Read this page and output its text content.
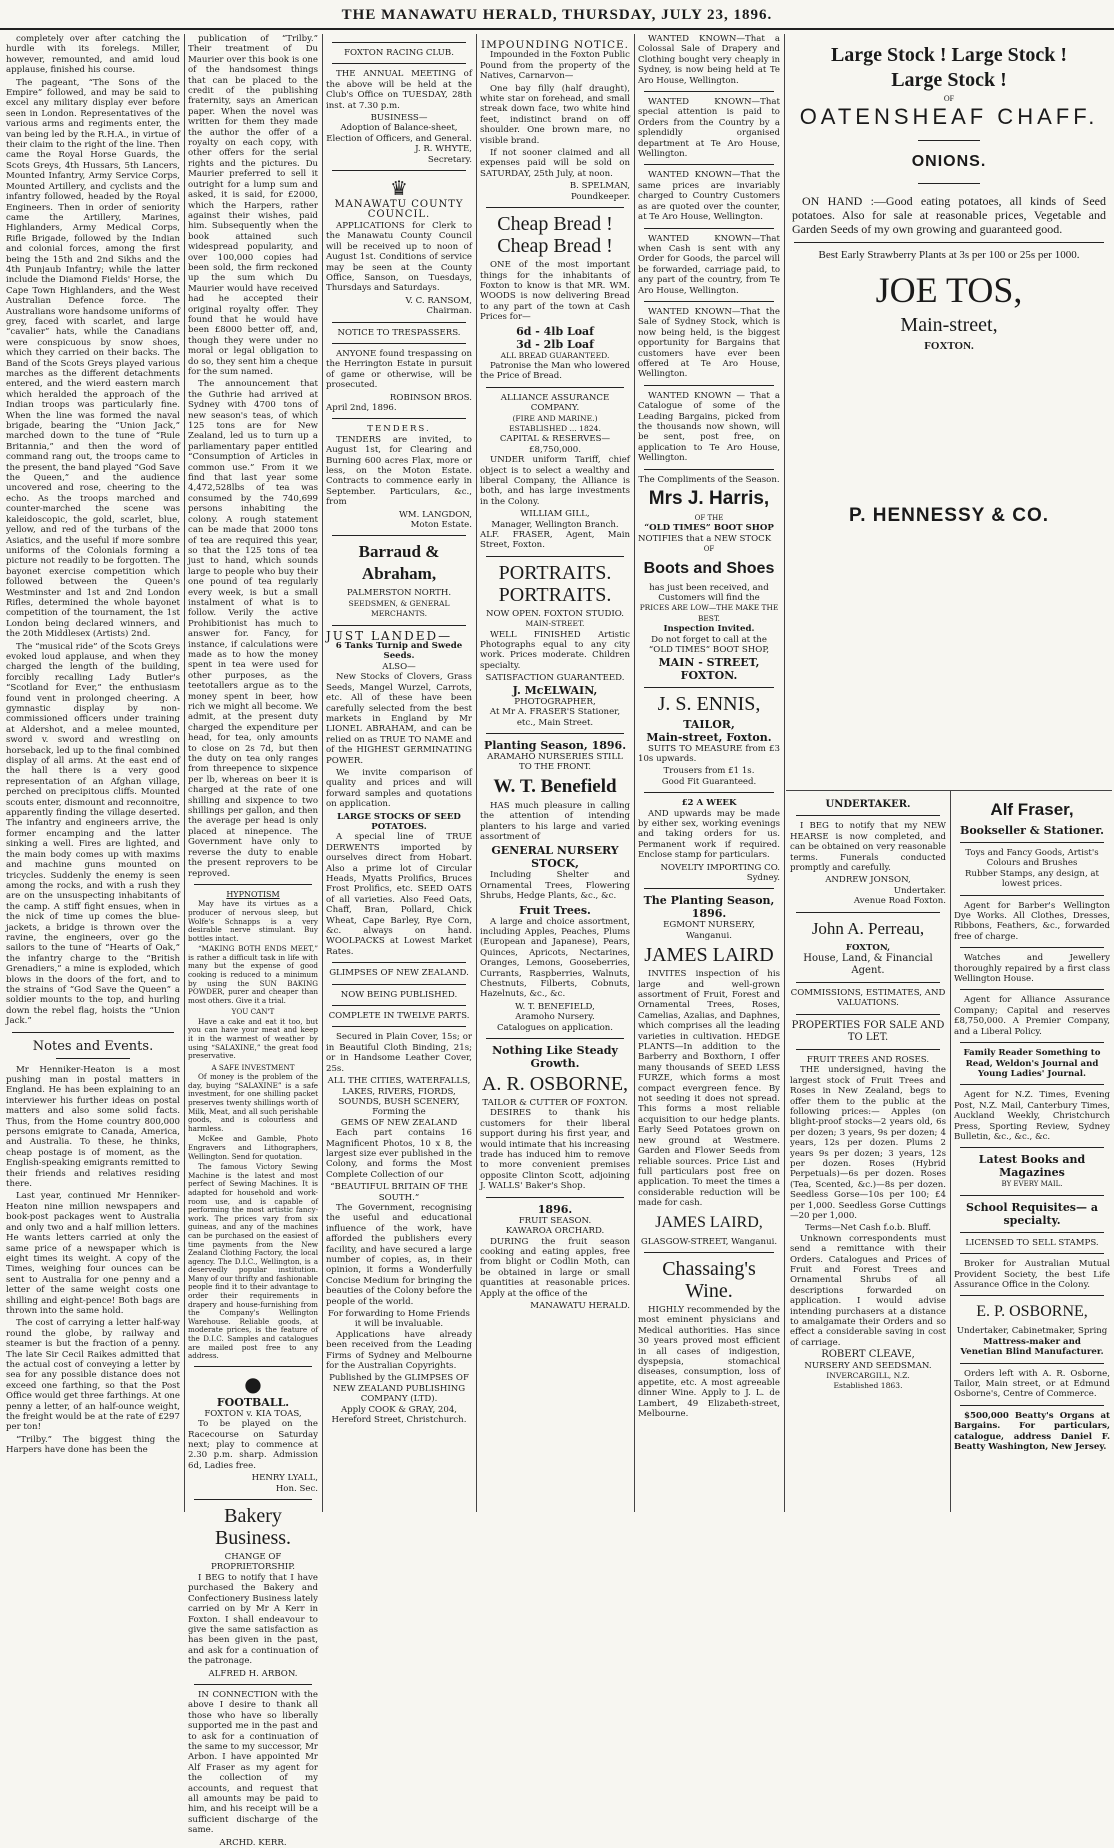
THE MANAWATU HERALD, THURSDAY, JULY 23, 1896.

completely over after catching the hurdle with its forelegs. Miller, however, remounted, and amid loud applause, finished his course.

The pageant, “The Sons of the Empire” followed, and may be said to excel any military display ever before seen in London. Representatives of the various arms and regiments enter, the van being led by the R.H.A., in virtue of their claim to the right of the line. Then came the Royal Horse Guards, the Scots Greys, 4th Hussars, 5th Lancers, Mounted Infantry, Army Service Corps, Mounted Artillery, and cyclists and the infantry followed, headed by the Royal Engineers. Then in order of seniority came the Artillery, Marines, Highlanders, Army Medical Corps, Rifle Brigade, followed by the Indian and colonial forces, among the first being the 15th and 2nd Sikhs and the 4th Punjaub Infantry; while the latter include the Diamond Fields' Horse, the Cape Town Highlanders, and the West Australian Defence force. The Australians wore handsome uniforms of grey, faced with scarlet, and large “cavalier” hats, while the Canadians were conspicuous by snow shoes, which they carried on their backs. The Band of the Scots Greys played various marches as the different detachments entered, and the wierd eastern march which heralded the approach of the Indian troops was particularly fine. When the line was formed the naval brigade, bearing the “Union Jack,” marched down to the tune of “Rule Britannia,” and then the word of command rang out, the troops came to the present, the band played “God Save the Queen,” and the audience uncovered and rose, cheering to the echo. As the troops marched and counter-marched the scene was kaleidoscopic, the gold, scarlet, blue, yellow, and red of the turbans of the Asiatics, and the useful if more sombre uniforms of the Colonials forming a picture not readily to be forgotten. The bayonet exercise competition which followed between the Queen's Westminster and 1st and 2nd London Rifles, determined the whole bayonet competition of the tournament, the 1st London being declared winners, and the 20th Middlesex (Artists) 2nd.

The “musical ride” of the Scots Greys evoked loud applause, and when they charged the length of the building, forcibly recalling Lady Butler's “Scotland for Ever,” the enthusiasm found vent in prolonged cheering. A gymnastic display by non-commissioned officers under training at Aldershot, and a melee mounted, sword v. sword and wrestling on horseback, led up to the final combined display of all arms. At the east end of the hall there is a very good representation of an Afghan village, perched on precipitous cliffs. Mounted scouts enter, dismount and reconnoitre, apparently finding the village deserted. The infantry and engineers arrive, the former encamping and the latter sinking a well. Fires are lighted, and the main body comes up with maxims and machine guns mounted on tricycles. Suddenly the enemy is seen among the rocks, and with a rush they are on the unsuspecting inhabitants of the camp. A stiff fight ensues, when in the nick of time up comes the blue-jackets, a bridge is thrown over the ravine, the engineers, over go the sailors to the tune of “Hearts of Oak,” the infantry charge to the “British Grenadiers,” a mine is exploded, which blows in the doors of the fort, and to the strains of “God Save the Queen” a soldier mounts to the top, and hurling down the rebel flag, hoists the “Union Jack.”

Notes and Events.

Mr Henniker-Heaton is a most pushing man in postal matters in England. He has been explaining to an interviewer his further ideas on postal matters and also some solid facts. Thus, from the Home country 800,000 persons emigrate to Canada, America, and Australia. To these, he thinks, cheap postage is of moment, as the English-speaking emigrants remitted to their friends and relatives residing there.

Last year, continued Mr Henniker-Heaton nine million newspapers and book-post packages went to Australia and only two and a half million letters. He wants letters carried at only the same price of a newspaper which is eight times its weight. A copy of the Times, weighing four ounces can be sent to Australia for one penny and a letter of the same weight costs one shilling and eight-pence! Both bags are thrown into the same hold.

The cost of carrying a letter half-way round the globe, by railway and steamer is but the fraction of a penny. The late Sir Cecil Raikes admitted that the actual cost of conveying a letter by sea for any possible distance does not exceed one farthing, so that the Post Office would get three farthings. At one penny a letter, of an half-ounce weight, the freight would be at the rate of £297 per ton!

“Trilby.” The biggest thing the Harpers have done has been the

publication of “Trilby.” Their treatment of Du Maurier over this book is one of the handsomest things that can be placed to the credit of the publishing fraternity, says an American paper. When the novel was written for them they made the author the offer of a royalty on each copy, with other offers for the serial rights and the pictures. Du Maurier preferred to sell it outright for a lump sum and asked, it is said, for £2000, which the Harpers, rather against their wishes, paid him. Subsequently when the book attained such widespread popularity, and over 100,000 copies had been sold, the firm reckoned up the sum which Du Maurier would have received had he accepted their original royalty offer. They found that he would have been £8000 better off, and, though they were under no moral or legal obligation to do so, they sent him a cheque for the sum named.

The announcement that the Guthrie had arrived at Sydney with 4700 tons of new season's teas, of which 125 tons are for New Zealand, led us to turn up a parliamentary paper entitled “Consumption of Articles in common use.” From it we find that last year some 4,472,528lbs of tea was consumed by the 740,699 persons inhabiting the colony. A rough statement can be made that 2000 tons of tea are required this year, so that the 125 tons of tea just to hand, which sounds large to people who buy their one pound of tea regularly every week, is but a small instalment of what is to follow. Verily the active Prohibitionist has much to answer for. Fancy, for instance, if calculations were made as to how the money spent in tea were used for other purposes, as the teetotallers argue as to the money spent in beer, how rich we might all become. We admit, at the present duty charged the expenditure per head, for tea, only amounts to close on 2s 7d, but then the duty on tea only ranges from threepence to sixpence per lb, whereas on beer it is charged at the rate of one shilling and sixpence to two shillings per gallon, and then the average per head is only placed at ninepence. The Government have only to reverse the duty to enable the present reprovers to be reproved.

HYPNOTISM

May have its virtues as a producer of nervous sleep, but Wolfe's Schnapps is a very desirable nerve stimulant. Buy bottles intact.

“MAKING BOTH ENDS MEET,” is rather a difficult task in life with many but the expense of good cooking is reduced to a minimum by using the SUN BAKING POWDER, purer and cheaper than most others. Give it a trial.

YOU CAN'T

Have a cake and eat it too, but you can have your meat and keep it in the warmest of weather by using “SALAXINE,” the great food preservative.

A SAFE INVESTMENT

Of money is the problem of the day, buying “SALAXINE” is a safe investment, for one shilling packet preserves twenty shillings worth of Milk, Meat, and all such perishable goods, and is colourless and harmless.

McKee and Gamble, Photo Engravers and Lithographers, Wellington. Send for quotation.

The famous Victory Sewing Machine is the latest and most perfect of Sewing Machines. It is adapted for household and work-room use, and is capable of performing the most artistic fancy-work. The prices vary from six guineas, and any of the machines can be purchased on the easiest of time payments from the New Zealand Clothing Factory, the local agency. The D.I.C., Wellington, is a deservedly popular institution. Many of our thrifty and fashionable people find it to their advantage to order their requirements in drapery and house-furnishing from the Company's Wellington Warehouse. Reliable goods, at moderate prices, is the feature of the D.I.C. Samples and catalogues are mailed post free to any address.

●
FOOTBALL.
FOXTON v. KIA TOAS,

To be played on the Racecourse on Saturday next; play to commence at 2.30 p.m. sharp. Admission 6d, Ladies free.

HENRY LYALL,
Hon. Sec.
Bakery Business.
CHANGE OF PROPRIETORSHIP.

I BEG to notify that I have purchased the Bakery and Confectionery Business lately carried on by Mr A Kerr in Foxton. I shall endeavour to give the same satisfaction as has been given in the past, and ask for a continuation of the patronage.

ALFRED H. ARBON.

IN CONNECTION with the above I desire to thank all those who have so liberally supported me in the past and to ask for a continuation of the same to my successor, Mr Arbon. I have appointed Mr Alf Fraser as my agent for the collection of my accounts, and request that all amounts may be paid to him, and his receipt will be a sufficient discharge of the same.

ARCHD. KERR.
FOXTON RACING CLUB.

THE ANNUAL MEETING of the above will be held at the Club's Office on TUESDAY, 28th inst. at 7.30 p.m.

BUSINESS—
Adoption of Balance-sheet, Election of Officers, and General.
J. R. WHYTE,
Secretary.
♛
MANAWATU COUNTY COUNCIL.

APPLICATIONS for Clerk to the Manawatu County Council will be received up to noon of August 1st. Conditions of service may be seen at the County Office, Sanson, on Tuesdays, Thursdays and Saturdays.

V. C. RANSOM,
Chairman.
NOTICE TO TRESPASSERS.

ANYONE found trespassing on the Herrington Estate in pursuit of game or otherwise, will be prosecuted.

ROBINSON BROS.
April 2nd, 1896.
TENDERS.

TENDERS are invited, to August 1st, for Clearing and Burning 600 acres Flax, more or less, on the Moton Estate. Contracts to commence early in September. Particulars, &c., from

WM. LANGDON,
Moton Estate.
Barraud & Abraham,
PALMERSTON NORTH.
SEEDSMEN, & GENERAL MERCHANTS.
JUST LANDED—
6 Tanks Turnip and Swede Seeds.
ALSO—

New Stocks of Clovers, Grass Seeds, Mangel Wurzel, Carrots, etc. All of these have been carefully selected from the best markets in England by Mr LIONEL ABRAHAM, and can be relied on as TRUE TO NAME and of the HIGHEST GERMINATING POWER.

We invite comparison of quality and prices and will forward samples and quotations on application.

LARGE STOCKS OF SEED POTATOES.

A special line of TRUE DERWENTS imported by ourselves direct from Hobart. Also a prime lot of Circular Heads, Myatts Prolifics, Bruces Frost Prolifics, etc. SEED OATS of all varieties. Also Feed Oats, Chaff, Bran, Pollard, Chick Wheat, Cape Barley, Rye Corn, &c. always on hand. WOOLPACKS at Lowest Market Rates.

GLIMPSES OF NEW ZEALAND.
NOW BEING PUBLISHED.
COMPLETE IN TWELVE PARTS.

Secured in Plain Cover, 15s; or in Beautiful Cloth Binding, 21s; or in Handsome Leather Cover, 25s.

ALL THE CITIES, WATERFALLS, LAKES, RIVERS, FIORDS, SOUNDS, BUSH SCENERY,
Forming the
GEMS OF NEW ZEALAND

Each part contains 16 Magnificent Photos, 10 x 8, the largest size ever published in the Colony, and forms the Most Complete Collection of our

“BEAUTIFUL BRITAIN OF THE SOUTH.”

The Government, recognising the useful and educational influence of the work, have afforded the publishers every facility, and have secured a large number of copies, as, in their opinion, it forms a Wonderfully Concise Medium for bringing the beauties of the Colony before the people of the world.

For forwarding to Home Friends it will be invaluable.

Applications have already been received from the Leading Firms of Sydney and Melbourne for the Australian Copyrights.

Published by the GLIMPSES OF NEW ZEALAND PUBLISHING COMPANY (LTD).
Apply COOK & GRAY, 204, Hereford Street, Christchurch.
IMPOUNDING NOTICE.

Impounded in the Foxton Public Pound from the property of the Natives, Carnarvon—

One bay filly (half draught), white star on forehead, and small streak down face, two white hind feet, indistinct brand on off shoulder. One brown mare, no visible brand.

If not sooner claimed and all expenses paid will be sold on SATURDAY, 25th July, at noon.

B. SPELMAN,
Poundkeeper.
Cheap Bread ! Cheap Bread !

ONE of the most important things for the inhabitants of Foxton to know is that MR. WM. WOODS is now delivering Bread to any part of the town at Cash Prices for—

6d - 4lb Loaf
3d - 2lb Loaf
ALL BREAD GUARANTEED.

Patronise the Man who lowered the Price of Bread.

ALLIANCE ASSURANCE COMPANY.
(FIRE AND MARINE.)
ESTABLISHED ... 1824.
CAPITAL & RESERVES— £8,750,000.

UNDER uniform Tariff, chief object is to select a wealthy and liberal Company, the Alliance is both, and has large investments in the Colony.

WILLIAM GILL,
Manager, Wellington Branch.
ALF. FRASER, Agent, Main Street, Foxton.
PORTRAITS. PORTRAITS.
NOW OPEN. FOXTON STUDIO.
MAIN-STREET.

WELL FINISHED Artistic Photographs equal to any city work. Prices moderate. Children specialty.

SATISFACTION GUARANTEED.
J. McELWAIN,
PHOTOGRAPHER,
At Mr A. FRASER'S Stationer, etc., Main Street.
Planting Season, 1896.
ARAMAHO NURSERIES STILL TO THE FRONT.
W. T. Benefield

HAS much pleasure in calling the attention of intending planters to his large and varied assortment of

GENERAL NURSERY STOCK,

Including Shelter and Ornamental Trees, Flowering Shrubs, Hedge Plants, &c., &c.

Fruit Trees.

A large and choice assortment, including Apples, Peaches, Plums (European and Japanese), Pears, Quinces, Apricots, Nectarines, Oranges, Lemons, Gooseberries, Currants, Raspberries, Walnuts, Chestnuts, Filberts, Cobnuts, Hazelnuts, &c., &c.

W. T. BENEFIELD,
Aramoho Nursery.
Catalogues on application.
Nothing Like Steady Growth.
A. R. OSBORNE,
TAILOR & CUTTER OF FOXTON.

DESIRES to thank his customers for their liberal support during his first year, and would intimate that his increasing trade has induced him to remove to more convenient premises opposite Clinton Scott, adjoining J. WALLS' Baker's Shop.

1896.
FRUIT SEASON.
KAWAROA ORCHARD.

DURING the fruit season cooking and eating apples, free from blight or Codlin Moth, can be obtained in large or small quantities at reasonable prices. Apply at the office of the

MANAWATU HERALD.

WANTED KNOWN—That a Colossal Sale of Drapery and Clothing bought very cheaply in Sydney, is now being held at Te Aro House, Wellington.

WANTED KNOWN—That special attention is paid to Orders from the Country by a splendidly organised department at Te Aro House, Wellington.

WANTED KNOWN—That the same prices are invariably charged to Country Customers as are quoted over the counter, at Te Aro House, Wellington.

WANTED KNOWN—That when Cash is sent with any Order for Goods, the parcel will be forwarded, carriage paid, to any part of the country, from Te Aro House, Wellington.

WANTED KNOWN—That the Sale of Sydney Stock, which is now being held, is the biggest opportunity for Bargains that customers have ever been offered at Te Aro House, Wellington.

WANTED KNOWN — That a Catalogue of some of the Leading Bargains, picked from the thousands now shown, will be sent, post free, on application to Te Aro House, Wellington.

The Compliments of the Season.
Mrs J. Harris,
OF THE
“OLD TIMES” BOOT SHOP
NOTIFIES that a NEW STOCK
OF
Boots and Shoes
has just been received, and Customers will find the
PRICES ARE LOW—THE MAKE THE BEST.
Inspection Invited.
Do not forget to call at the “OLD TIMES” BOOT SHOP,
MAIN - STREET,
FOXTON.
J. S. ENNIS,
TAILOR,
Main-street, Foxton.

SUITS TO MEASURE from £3 10s upwards.

Trousers from £1 1s.
Good Fit Guaranteed.
£2 A WEEK

AND upwards may be made by either sex, working evenings and taking orders for us. Permanent work if required. Enclose stamp for particulars.

NOVELTY IMPORTING CO. Sydney.
The Planting Season, 1896.
EGMONT NURSERY,
Wanganui.
JAMES LAIRD

INVITES inspection of his large and well-grown assortment of Fruit, Forest and Ornamental Trees, Roses, Camelias, Azalias, and Daphnes, which comprises all the leading varieties in cultivation. HEDGE PLANTS—In addition to the Barberry and Boxthorn, I offer many thousands of SEED LESS FURZE, which forms a most compact evergreen fence. By not seeding it does not spread. This forms a most reliable acquisition to our hedge plants. Early Seed Potatoes grown on new ground at Westmere. Garden and Flower Seeds from reliable sources. Price List and full particulars post free on application. To meet the times a considerable reduction will be made for cash.

JAMES LAIRD,
GLASGOW-STREET, Wanganui.
Chassaing's Wine.

HIGHLY recommended by the most eminent physicians and Medical authorities. Has since 30 years proved most efficient in all cases of indigestion, dyspepsia, stomachical diseases, consumption, loss of appetite, etc. A most agreeable dinner Wine. Apply to J. L. de Lambert, 49 Elizabeth-street, Melbourne.

Large Stock ! Large Stock !
Large Stock !
OF
OATENSHEAF CHAFF.
ONIONS.

ON HAND :—Good eating potatoes, all kinds of Seed potatoes. Also for sale at reasonable prices, Vegetable and Garden Seeds of my own growing and guaranteed good.

Best Early Strawberry Plants at 3s per 100 or 25s per 1000.
JOE TOS,
Main-street,
FOXTON.
P. HENNESSY & CO.
UNDERTAKER.

I BEG to notify that my NEW HEARSE is now completed, and can be obtained on very reasonable terms. Funerals conducted promptly and carefully.

ANDREW JONSON,
Undertaker.
Avenue Road Foxton.
John A. Perreau,
FOXTON,
House, Land, & Financial Agent.
COMMISSIONS, ESTIMATES, AND VALUATIONS.
PROPERTIES FOR SALE AND TO LET.
FRUIT TREES AND ROSES.

THE undersigned, having the largest stock of Fruit Trees and Roses in New Zealand, begs to offer them to the public at the following prices:— Apples (on blight-proof stocks—2 years old, 6s per dozen; 3 years, 9s per dozen; 4 years, 12s per dozen. Plums 2 years 9s per dozen; 3 years, 12s per dozen. Roses (Hybrid Perpetuals)—6s per dozen. Roses (Tea, Scented, &c.)—8s per dozen. Seedless Gorse—10s per 100; £4 per 1,000. Seedless Gorse Cuttings—20 per 1,000.

Terms—Net Cash f.o.b. Bluff.

Unknown correspondents must send a remittance with their Orders. Catalogues and Prices of Fruit and Forest Trees and Ornamental Shrubs of all descriptions forwarded on application. I would advise intending purchasers at a distance to amalgamate their Orders and so effect a considerable saving in cost of carriage.

ROBERT CLEAVE,
NURSERY AND SEEDSMAN.
INVERCARGILL, N.Z.
Established 1863.
Alf Fraser,
Bookseller & Stationer.
Toys and Fancy Goods, Artist's Colours and Brushes
Rubber Stamps, any design, at lowest prices.

Agent for Barber's Wellington Dye Works. All Clothes, Dresses, Ribbons, Feathers, &c., forwarded free of charge.

Watches and Jewellery thoroughly repaired by a first class Wellington House.

Agent for Alliance Assurance Company; Capital and reserves £8,750,000. A Premier Company, and a Liberal Policy.

Family Reader Something to Read, Weldon's Journal and Young Ladies' Journal.

Agent for N.Z. Times, Evening Post, N.Z. Mail, Canterbury Times, Auckland Weekly, Christchurch Press, Sporting Review, Sydney Bulletin, &c., &c., &c.

Latest Books and Magazines
BY EVERY MAIL.
School Requisites— a specialty.
LICENSED TO SELL STAMPS.

Broker for Australian Mutual Provident Society, the best Life Assurance Office in the Colony.

E. P. OSBORNE,
Undertaker, Cabinetmaker, Spring
Mattress-maker and
Venetian Blind Manufacturer.

Orders left with A. R. Osborne, Tailor, Main street, or at Edmund Osborne's, Centre of Commerce.

$500,000 Beatty's Organs at Bargains. For particulars, catalogue, address Daniel F. Beatty Washington, New Jersey.
